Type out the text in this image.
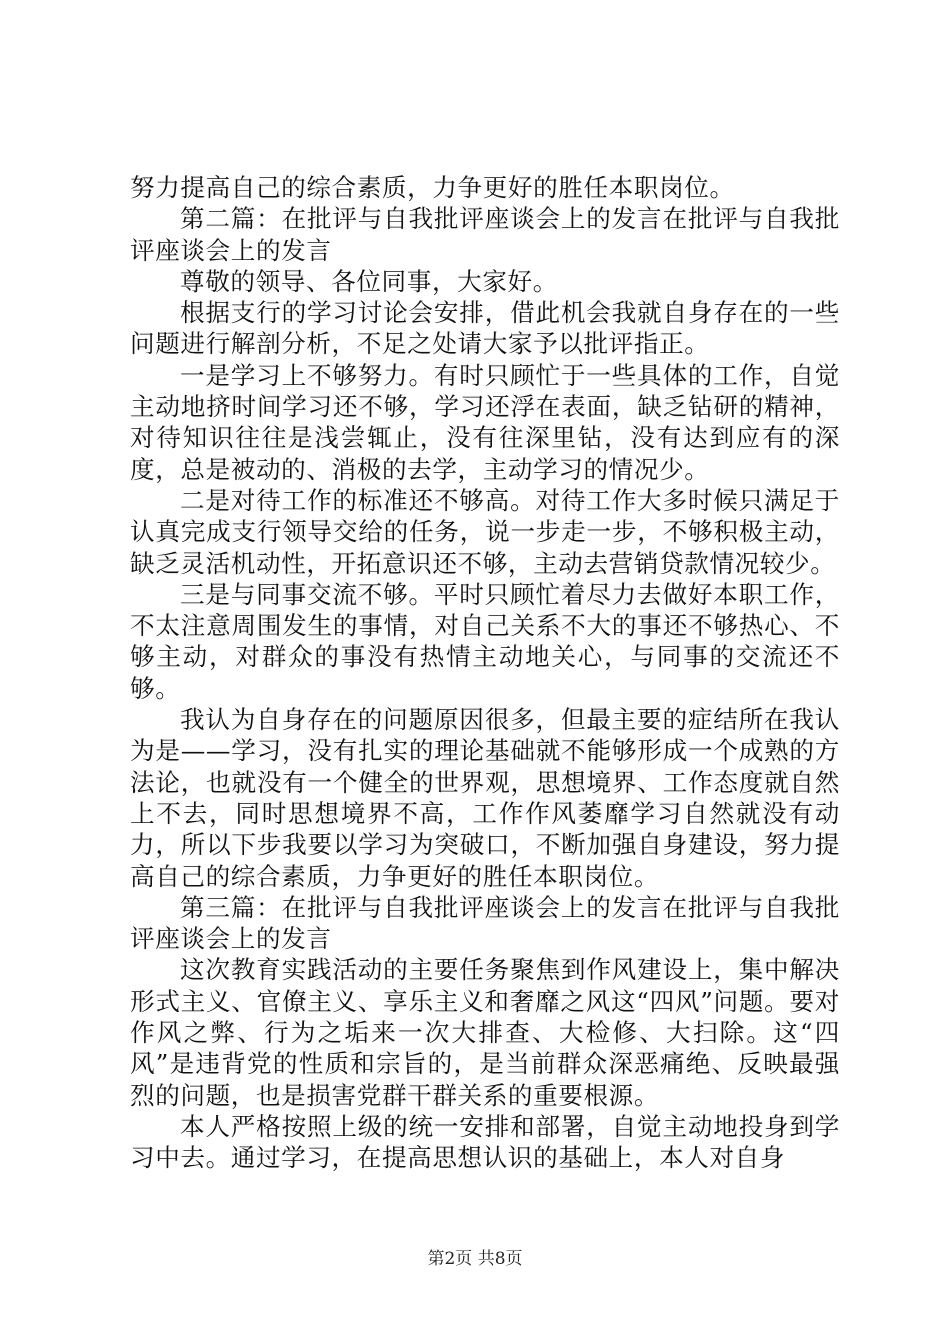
努力提高自己的综合素质，力争更好的胜任本职岗位。

第二篇：在批评与自我批评座谈会上的发言在批评与自我批评座谈会上的发言

尊敬的领导、各位同事，大家好。

根据支行的学习讨论会安排，借此机会我就自身存在的一些问题进行解剖分析，不足之处请大家予以批评指正。

一是学习上不够努力。有时只顾忙于一些具体的工作，自觉主动地挤时间学习还不够，学习还浮在表面，缺乏钻研的精神，对待知识往往是浅尝辄止，没有往深里钻，没有达到应有的深度，总是被动的、消极的去学，主动学习的情况少。

二是对待工作的标准还不够高。对待工作大多时候只满足于认真完成支行领导交给的任务，说一步走一步，不够积极主动，缺乏灵活机动性，开拓意识还不够，主动去营销贷款情况较少。

三是与同事交流不够。平时只顾忙着尽力去做好本职工作，不太注意周围发生的事情，对自己关系不大的事还不够热心、不够主动，对群众的事没有热情主动地关心，与同事的交流还不够。

我认为自身存在的问题原因很多，但最主要的症结所在我认为是——学习，没有扎实的理论基础就不能够形成一个成熟的方法论，也就没有一个健全的世界观，思想境界、工作态度就自然上不去，同时思想境界不高，工作作风萎靡学习自然就没有动力，所以下步我要以学习为突破口，不断加强自身建设，努力提高自己的综合素质，力争更好的胜任本职岗位。

第三篇：在批评与自我批评座谈会上的发言在批评与自我批评座谈会上的发言

这次教育实践活动的主要任务聚焦到作风建设上，集中解决形式主义、官僚主义、享乐主义和奢靡之风这“四风”问题。要对作风之弊、行为之垢来一次大排查、大检修、大扫除。这“四风”是违背党的性质和宗旨的，是当前群众深恶痛绝、反映最强烈的问题，也是损害党群干群关系的重要根源。

本人严格按照上级的统一安排和部署，自觉主动地投身到学习中去。通过学习，在提高思想认识的基础上，本人对自身

第2页 共8页
